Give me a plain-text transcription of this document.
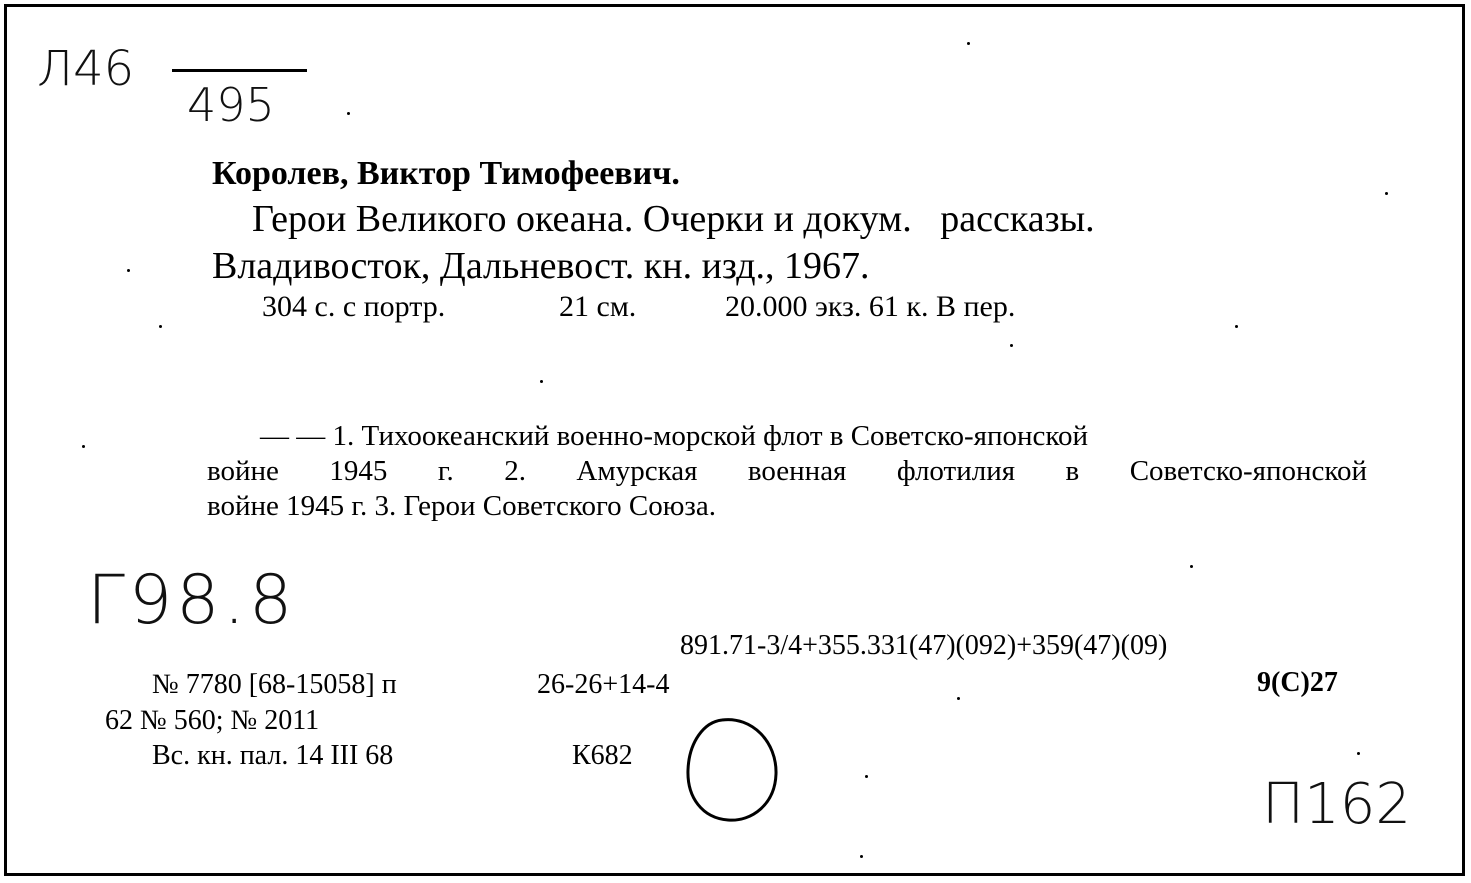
Л46
495
Королев, Виктор Тимофеевич.
Герои Великого океана. Очерки и докум.   рассказы.
Владивосток, Дальневост. кн. изд., 1967.
304 с. с портр.	21 см.	20.000 экз. 61 к. В пер.
— — 1. Тихоокеанский военно-морской флот в Советско-японской
войне 1945 г. 2. Амурская военная флотилия в Советско-японской
войне 1945 г. 3. Герои Советского Союза.
Г98.8
891.71-3/4+355.331(47)(092)+359(47)(09)
9(С)27
№ 7780 [68-15058] п	26-26+14-4
62 № 560; № 2011
Вс. кн. пал. 14 III 68	К682
П162
